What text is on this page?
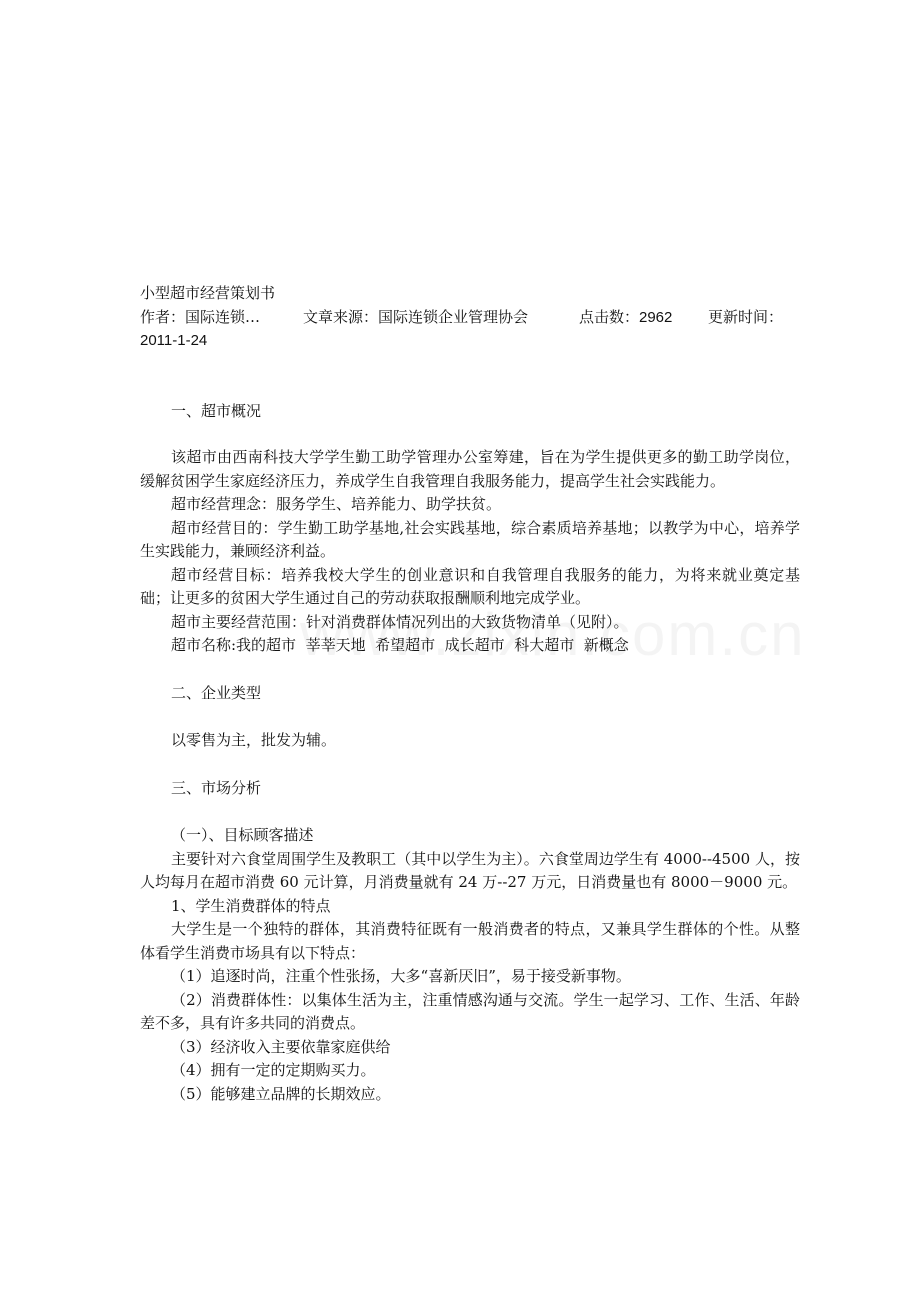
小型超市经营策划书

作者：国际连锁…	文章来源：国际连锁企业管理协会	点击数：2962 更新时间：

2011-1-24

一、超市概况

该超市由西南科技大学学生勤工助学管理办公室筹建，旨在为学生提供更多的勤工助学岗位，缓解贫困学生家庭经济压力，养成学生自我管理自我服务能力，提高学生社会实践能力。

超市经营理念：服务学生、培养能力、助学扶贫。

超市经营目的：学生勤工助学基地,社会实践基地，综合素质培养基地；以教学为中心，培养学生实践能力，兼顾经济利益。

超市经营目标：培养我校大学生的创业意识和自我管理自我服务的能力，为将来就业奠定基础；让更多的贫困大学生通过自己的劳动获取报酬顺利地完成学业。

超市主要经营范围：针对消费群体情况列出的大致货物清单（见附）。

超市名称:我的超市  莘莘天地  希望超市  成长超市  科大超市  新概念

二、企业类型

以零售为主，批发为辅。

三、市场分析

（一）、目标顾客描述

主要针对六食堂周围学生及教职工（其中以学生为主）。六食堂周边学生有 4000--4500 人，按人均每月在超市消费 60 元计算，月消费量就有 24 万--27 万元，日消费量也有 8000－9000 元。

1、学生消费群体的特点

大学生是一个独特的群体，其消费特征既有一般消费者的特点，又兼具学生群体的个性。从整体看学生消费市场具有以下特点：

（1）追逐时尚，注重个性张扬，大多“喜新厌旧”，易于接受新事物。

（2）消费群体性：以集体生活为主，注重情感沟通与交流。学生一起学习、工作、生活、年龄差不多，具有许多共同的消费点。

（3）经济收入主要依靠家庭供给

（4）拥有一定的定期购买力。

（5）能够建立品牌的长期效应。
